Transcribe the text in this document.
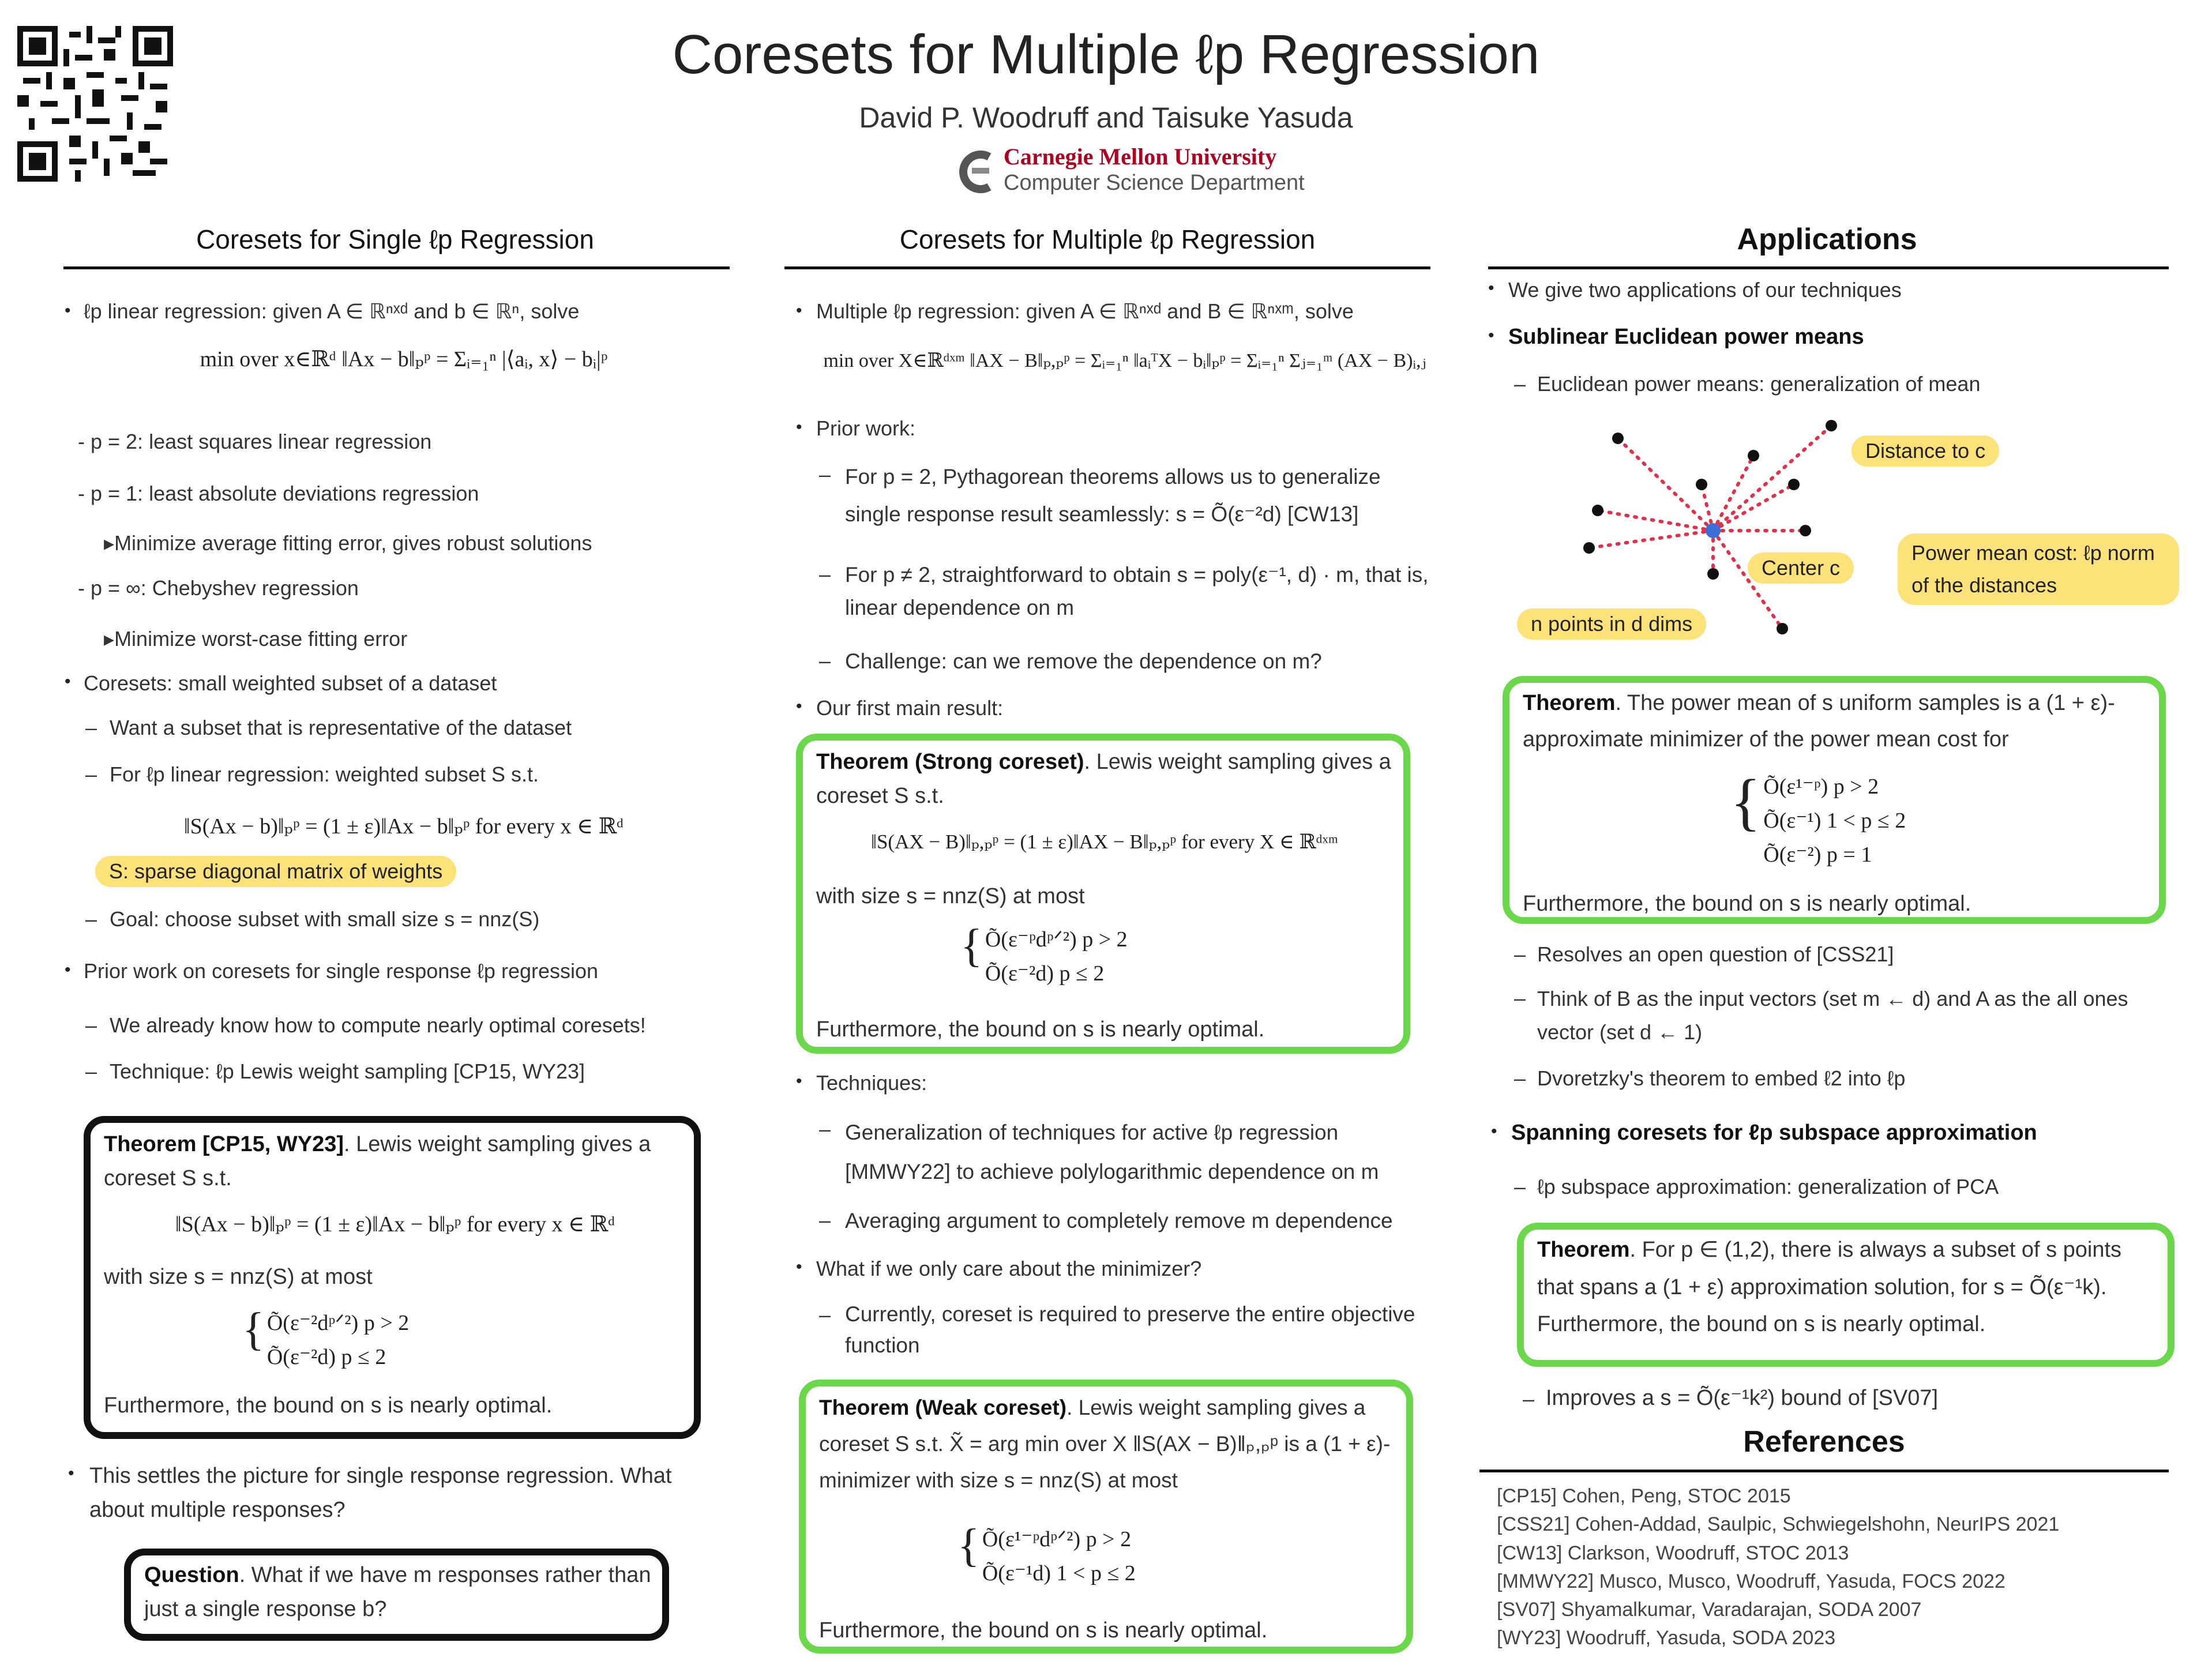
Coresets for Multiple ℓp Regression
David P. Woodruff and Taisuke Yasuda
Carnegie Mellon University
Computer Science Department
Coresets for Single ℓp Regression
ℓp linear regression: given A ∈ ℝⁿˣᵈ and b ∈ ℝⁿ, solve
min over x∈ℝᵈ ‖Ax − b‖ₚᵖ = Σᵢ₌₁ⁿ |⟨aᵢ, x⟩ − bᵢ|ᵖ
- p = 2: least squares linear regression
- p = 1: least absolute deviations regression
▸Minimize average fitting error, gives robust solutions
- p = ∞: Chebyshev regression
▸Minimize worst-case fitting error
Coresets: small weighted subset of a dataset
Want a subset that is representative of the dataset
For ℓp linear regression: weighted subset S s.t.
‖S(Ax − b)‖ₚᵖ = (1 ± ε)‖Ax − b‖ₚᵖ for every x ∈ ℝᵈ
S: sparse diagonal matrix of weights
Goal: choose subset with small size s = nnz(S)
Prior work on coresets for single response ℓp regression
We already know how to compute nearly optimal coresets!
Technique: ℓp Lewis weight sampling [CP15, WY23]
Theorem [CP15, WY23]. Lewis weight sampling gives a coreset S s.t.
‖S(Ax − b)‖ₚᵖ = (1 ± ε)‖Ax − b‖ₚᵖ for every x ∈ ℝᵈ
with size s = nnz(S) at most
{ Õ(ε⁻²dᵖᐟ²) p > 2
Õ(ε⁻²d) p ≤ 2
Furthermore, the bound on s is nearly optimal.
This settles the picture for single response regression. What about multiple responses?
Question. What if we have m responses rather than just a single response b?
Coresets for Multiple ℓp Regression
Multiple ℓp regression: given A ∈ ℝⁿˣᵈ and B ∈ ℝⁿˣᵐ, solve
min over X∈ℝᵈˣᵐ ‖AX − B‖ₚ,ₚᵖ = Σᵢ₌₁ⁿ ‖aᵢᵀX − bᵢ‖ₚᵖ = Σᵢ₌₁ⁿ Σⱼ₌₁ᵐ (AX − B)ᵢ,ⱼ
Prior work:
For p = 2, Pythagorean theorems allows us to generalize single response result seamlessly: s = Õ(ε⁻²d) [CW13]
For p ≠ 2, straightforward to obtain s = poly(ε⁻¹, d) · m, that is, linear dependence on m
Challenge: can we remove the dependence on m?
Our first main result:
Theorem (Strong coreset). Lewis weight sampling gives a coreset S s.t.
‖S(AX − B)‖ₚ,ₚᵖ = (1 ± ε)‖AX − B‖ₚ,ₚᵖ for every X ∈ ℝᵈˣᵐ
with size s = nnz(S) at most
{ Õ(ε⁻ᵖdᵖᐟ²) p > 2
Õ(ε⁻²d) p ≤ 2
Furthermore, the bound on s is nearly optimal.
Techniques:
Generalization of techniques for active ℓp regression [MMWY22] to achieve polylogarithmic dependence on m
Averaging argument to completely remove m dependence
What if we only care about the minimizer?
Currently, coreset is required to preserve the entire objective function
Theorem (Weak coreset). Lewis weight sampling gives a coreset S s.t. X̃ = arg min over X ‖S(AX − B)‖ₚ,ₚᵖ is a (1 + ε)-minimizer with size s = nnz(S) at most
{ Õ(ε¹⁻ᵖdᵖᐟ²) p > 2
Õ(ε⁻¹d) 1 < p ≤ 2
Furthermore, the bound on s is nearly optimal.
Applications
We give two applications of our techniques
Sublinear Euclidean power means
Euclidean power means: generalization of mean
Distance to c
Center c
Power mean cost: ℓp norm of the distances
n points in d dims
Theorem. The power mean of s uniform samples is a (1 + ε)-approximate minimizer of the power mean cost for
{ Õ(ε¹⁻ᵖ) p > 2
Õ(ε⁻¹) 1 < p ≤ 2
Õ(ε⁻²) p = 1
Furthermore, the bound on s is nearly optimal.
Resolves an open question of [CSS21]
Think of B as the input vectors (set m ← d) and A as the all ones vector (set d ← 1)
Dvoretzky's theorem to embed ℓ2 into ℓp
Spanning coresets for ℓp subspace approximation
ℓp subspace approximation: generalization of PCA
Theorem. For p ∈ (1,2), there is always a subset of s points that spans a (1 + ε) approximation solution, for s = Õ(ε⁻¹k). Furthermore, the bound on s is nearly optimal.
Improves a s = Õ(ε⁻¹k²) bound of [SV07]
References
[CP15] Cohen, Peng, STOC 2015
[CSS21] Cohen-Addad, Saulpic, Schwiegelshohn, NeurIPS 2021
[CW13] Clarkson, Woodruff, STOC 2013
[MMWY22] Musco, Musco, Woodruff, Yasuda, FOCS 2022
[SV07] Shyamalkumar, Varadarajan, SODA 2007
[WY23] Woodruff, Yasuda, SODA 2023
•
•
•
•
•
•
•
•
•
•
•
•
–
–
–
–
–
–
–
–
–
–
–
–
–
–
–
–
–
